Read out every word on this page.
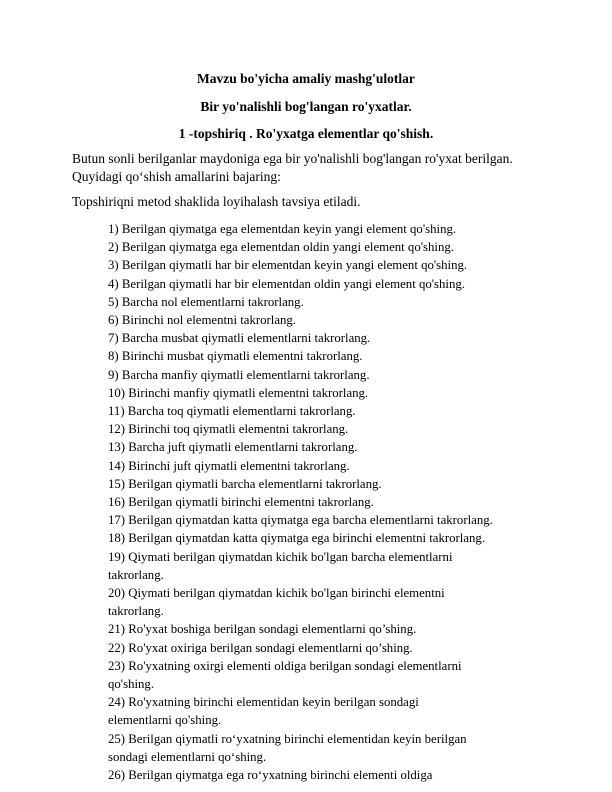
Mavzu bo'yicha amaliy mashg'ulotlar
Bir yo'nalishli bog'langan ro'yxatlar.
1 -topshiriq . Ro'yxatga elementlar qo'shish.
Butun sonli berilganlar maydoniga ega bir yo'nalishli bog'langan ro'yxat berilgan. Quyidagi qo‘shish amallarini bajaring:
Topshiriqni metod shaklida loyihalash tavsiya etiladi.
1) Berilgan qiymatga ega elementdan keyin yangi element qo'shing.
2) Berilgan qiymatga ega elementdan oldin yangi element qo'shing.
3) Berilgan qiymatli har bir elementdan keyin yangi element qo'shing.
4) Berilgan qiymatli har bir elementdan oldin yangi element qo'shing.
5) Barcha nol elementlarni takrorlang.
6) Birinchi nol elementni takrorlang.
7) Barcha musbat qiymatli elementlarni takrorlang.
8) Birinchi musbat qiymatli elementni takrorlang.
9) Barcha manfiy qiymatli elementlarni takrorlang.
10) Birinchi manfiy qiymatli elementni takrorlang.
11) Barcha toq qiymatli elementlarni takrorlang.
12) Birinchi toq qiymatli elementni takrorlang.
13) Barcha juft qiymatli elementlarni takrorlang.
14) Birinchi juft qiymatli elementni takrorlang.
15) Berilgan qiymatli barcha elementlarni takrorlang.
16) Berilgan qiymatli birinchi elementni takrorlang.
17) Berilgan qiymatdan katta qiymatga ega barcha elementlarni takrorlang.
18) Berilgan qiymatdan katta qiymatga ega birinchi elementni takrorlang.
19) Qiymati berilgan qiymatdan kichik bo'lgan barcha elementlarni takrorlang.
20) Qiymati berilgan qiymatdan kichik bo'lgan birinchi elementni takrorlang.
21) Ro'yxat boshiga berilgan sondagi elementlarni qo’shing.
22) Ro'yxat oxiriga berilgan sondagi elementlarni qo’shing.
23) Ro'yxatning oxirgi elementi oldiga berilgan sondagi elementlarni qo'shing.
24) Ro'yxatning birinchi elementidan keyin berilgan sondagi elementlarni qo'shing.
25) Berilgan qiymatli ro‘yxatning birinchi elementidan keyin berilgan sondagi elementlarni qo‘shing.
26) Berilgan qiymatga ega ro‘yxatning birinchi elementi oldiga
